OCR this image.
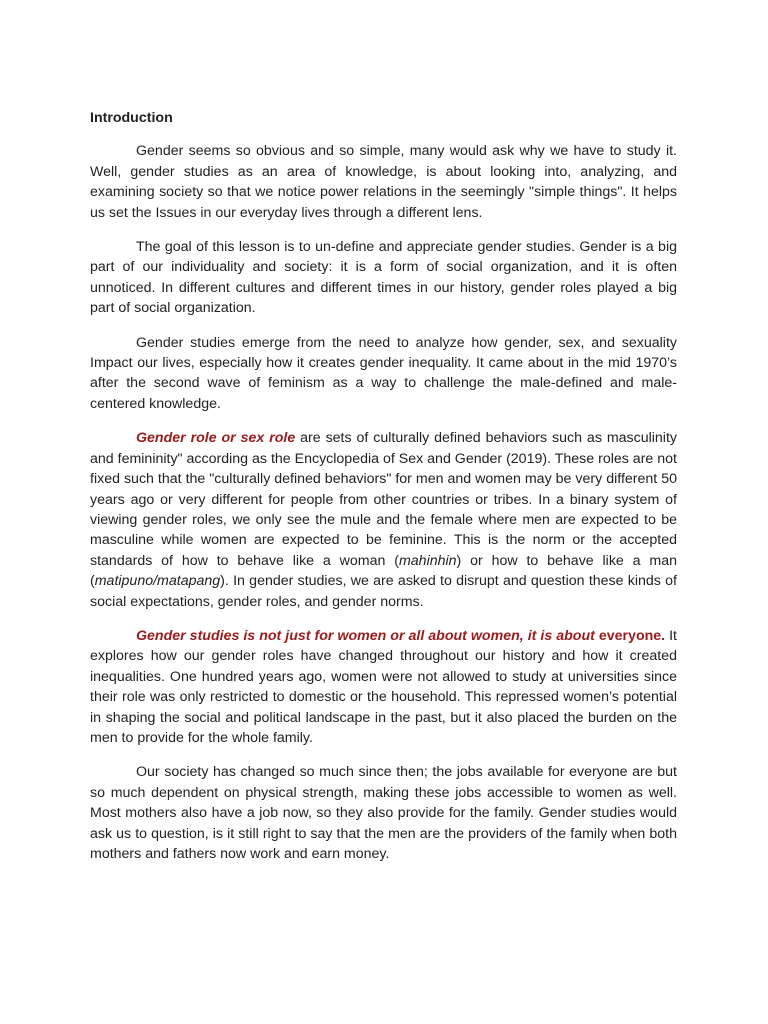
Introduction

Gender seems so obvious and so simple, many would ask why we have to study it. Well, gender studies as an area of knowledge, is about looking into, analyzing, and examining society so that we notice power relations in the seemingly "simple things". It helps us set the Issues in our everyday lives through a different lens.

The goal of this lesson is to un-define and appreciate gender studies. Gender is a big part of our individuality and society: it is a form of social organization, and it is often unnoticed. In different cultures and different times in our history, gender roles played a big part of social organization.

Gender studies emerge from the need to analyze how gender, sex, and sexuality Impact our lives, especially how it creates gender inequality. It came about in the mid 1970’s after the second wave of feminism as a way to challenge the male-defined and male-centered knowledge.

Gender role or sex role are sets of culturally defined behaviors such as masculinity and femininity" according as the Encyclopedia of Sex and Gender (2019). These roles are not fixed such that the "culturally defined behaviors" for men and women may be very different 50 years ago or very different for people from other countries or tribes. In a binary system of viewing gender roles, we only see the mule and the female where men are expected to be masculine while women are expected to be feminine. This is the norm or the accepted standards of how to behave like a woman (mahinhin) or how to behave like a man (matipuno/matapang). In gender studies, we are asked to disrupt and question these kinds of social expectations, gender roles, and gender norms.

Gender studies is not just for women or all about women, it is about everyone. It explores how our gender roles have changed throughout our history and how it created inequalities. One hundred years ago, women were not allowed to study at universities since their role was only restricted to domestic or the household. This repressed women’s potential in shaping the social and political landscape in the past, but it also placed the burden on the men to provide for the whole family.

Our society has changed so much since then; the jobs available for everyone are but so much dependent on physical strength, making these jobs accessible to women as well. Most mothers also have a job now, so they also provide for the family. Gender studies would ask us to question, is it still right to say that the men are the providers of the family when both mothers and fathers now work and earn money.
